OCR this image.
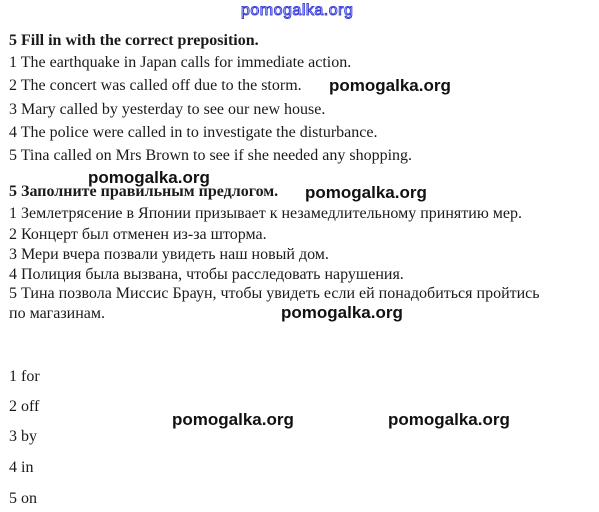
pomogalka.org
5 Fill in with the correct preposition.
1 The earthquake in Japan calls for immediate action.
2 The concert was called off due to the storm.
3 Mary called by yesterday to see our new house.
4 The police were called in to investigate the disturbance.
5 Tina called on Mrs Brown to see if she needed any shopping.
5 Заполните правильным предлогом.
1 Землетрясение в Японии призывает к незамедлительному принятию мер.
2 Концерт был отменен из-за шторма.
3 Мери вчера позвали увидеть наш новый дом.
4 Полиция была вызвана, чтобы расследовать нарушения.
5 Тина позвола Миссис Браун, чтобы увидеть если ей понадобиться пройтись
по магазинам.
1 for
2 off
3 by
4 in
5 on
pomogalka.org
pomogalka.org
pomogalka.org
pomogalka.org
pomogalka.org	pomogalka.org
